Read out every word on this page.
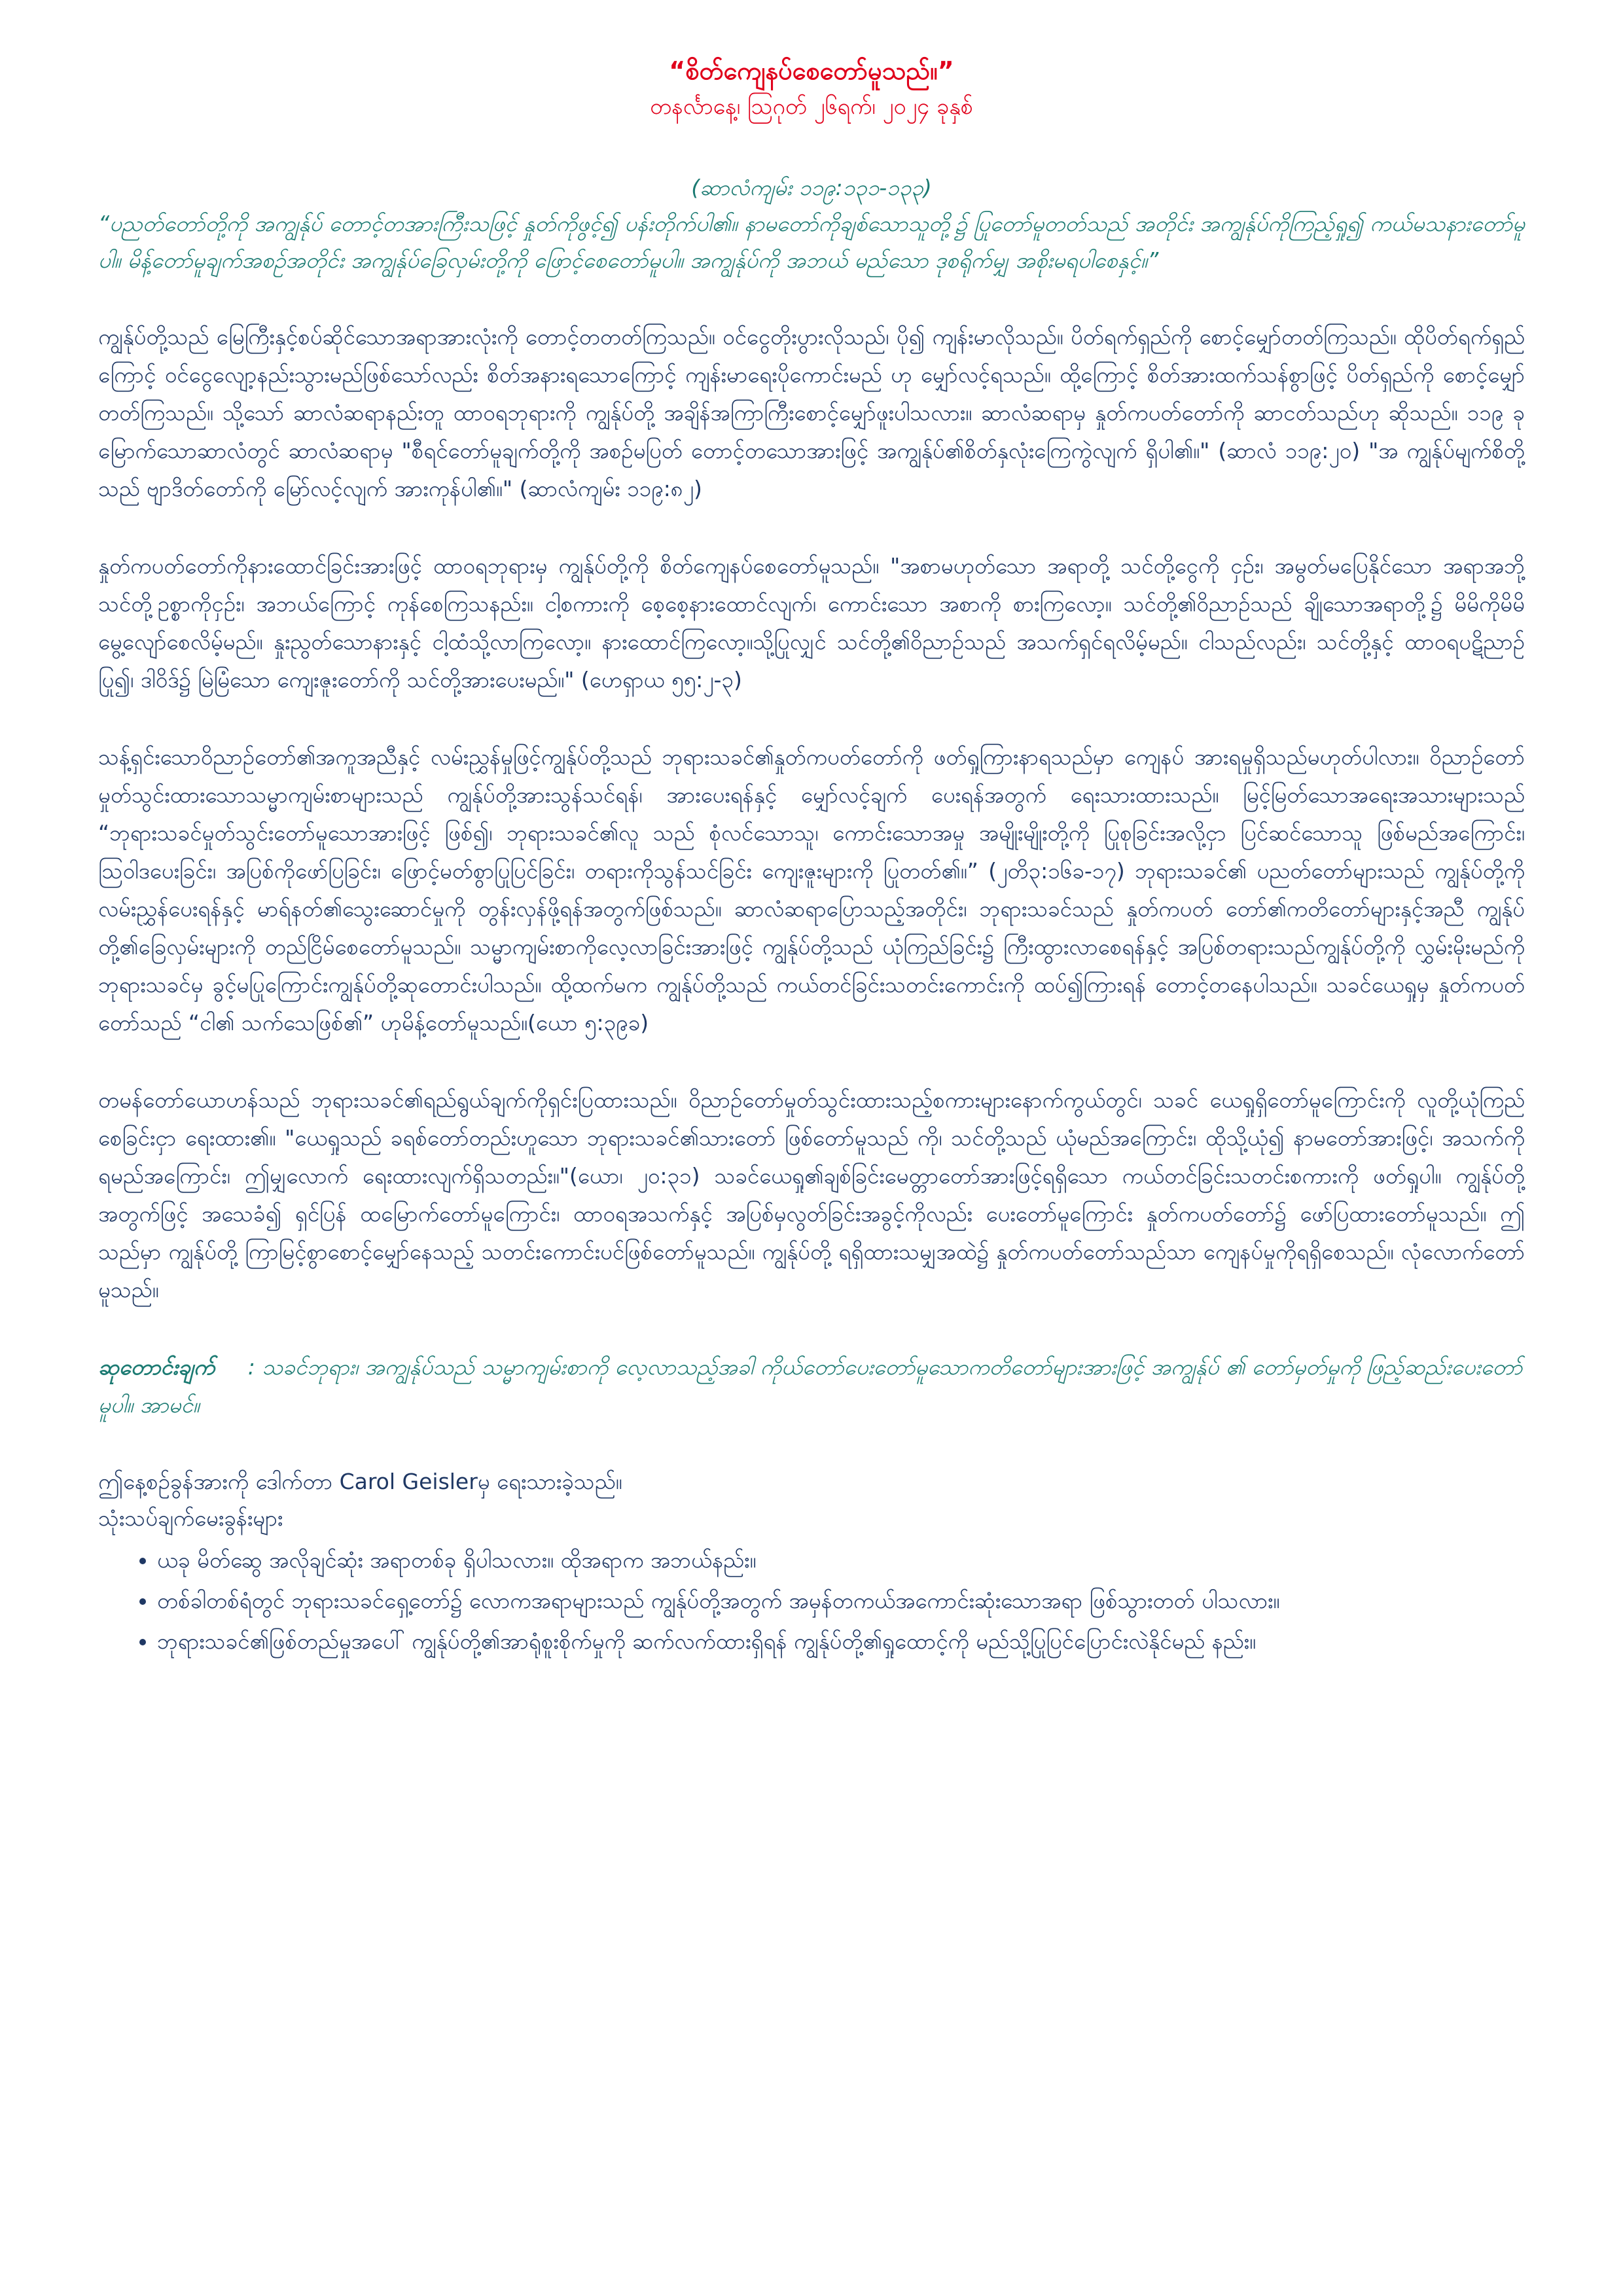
“စိတ်ကျေနပ်စေတော်မူသည်။”

တနင်္လာနေ့၊ ဩဂုတ် ၂၆ရက်၊ ၂၀၂၄ ခုနှစ်

(ဆာလံကျမ်း ၁၁၉:၁၃၁-၁၃၃)

“ပညတ်တော်တို့ကို အကျွန်ုပ် တောင့်တအားကြီးသဖြင့် နှုတ်ကိုဖွင့်၍ ပန်းတိုက်ပါ၏။ နာမတော်ကိုချစ်သောသူတို့၌ ပြုတော်မူတတ်သည် အတိုင်း အကျွန်ုပ်ကိုကြည့်ရှု၍ ကယ်မသနားတော်မူပါ။ မိန့်တော်မူချက်အစဉ်အတိုင်း အကျွန်ုပ်ခြေလှမ်းတို့ကို ဖြောင့်စေတော်မူပါ။ အကျွန်ုပ်ကို အဘယ် မည်သော ဒုစရိုက်မျှ အစိုးမရပါစေနှင့်။”

ကျွန်ုပ်တို့သည် မြေကြီးနှင့်စပ်ဆိုင်သောအရာအားလုံးကို တောင့်တတတ်ကြသည်။ ဝင်ငွေတိုးပွားလိုသည်၊ ပို၍ ကျန်းမာလိုသည်။ ပိတ်ရက်ရှည်ကို စောင့်မျှော်တတ်ကြသည်။ ထိုပိတ်ရက်ရှည်ကြောင့် ဝင်ငွေလျော့နည်းသွားမည်ဖြစ်သော်လည်း စိတ်အနားရသောကြောင့် ကျန်းမာရေးပိုကောင်းမည် ဟု မျှော်လင့်ရသည်။ ထို့ကြောင့် စိတ်အားထက်သန်စွာဖြင့် ပိတ်ရှည်ကို စောင့်မျှော်တတ်ကြသည်။ သို့သော် ဆာလံဆရာနည်းတူ ထာဝရဘုရားကို ကျွန်ုပ်တို့ အချိန်အကြာကြီးစောင့်မျှော်ဖူးပါသလား။ ဆာလံဆရာမှ နှုတ်ကပတ်တော်ကို ဆာငတ်သည်ဟု ဆိုသည်။ ၁၁၉ ခုမြောက်သောဆာလံတွင် ဆာလံဆရာမှ "စီရင်တော်မူချက်တို့ကို အစဉ်မပြတ် တောင့်တသောအားဖြင့် အကျွန်ုပ်၏စိတ်နှလုံးကြေကွဲလျက် ရှိပါ၏။" (ဆာလံ ၁၁၉:၂၀) "အ ကျွန်ုပ်မျက်စိတို့ သည် ဗျာဒိတ်တော်ကို မြော်လင့်လျက် အားကုန်ပါ၏။" (ဆာလံကျမ်း ၁၁၉:၈၂)

နှုတ်ကပတ်တော်ကိုနားထောင်ခြင်းအားဖြင့် ထာဝရဘုရားမှ ကျွန်ုပ်တို့ကို စိတ်ကျေနပ်စေတော်မူသည်။ "အစာမဟုတ်သော အရာတို့ သင်တို့ငွေကို ငှဉ်း၊ အမွတ်မပြေနိုင်သော အရာအဘို့ သင်တို့ဥစ္စာကိုငှဉ်း၊ အဘယ်ကြောင့် ကုန်စေကြသနည်း။ ငါ့စကားကို စေ့စေ့နားထောင်လျက်၊ ကောင်းသော အစာကို စားကြလော့။ သင်တို့၏ဝိညာဉ်သည် ချိုသောအရာတို့၌ မိမိကိုမိမိ မွေ့လျော်စေလိမ့်မည်။ နှုးညွတ်သောနားနှင့် ငါ့ထံသို့လာကြလော့။ နားထောင်ကြလော့။သို့ပြုလျှင် သင်တို့၏ဝိညာဉ်သည် အသက်ရှင်ရလိမ့်မည်။ ငါသည်လည်း၊ သင်တို့နှင့် ထာဝရပဋိညာဉ်ပြု၍၊ ဒါဝိဒ်၌ မြဲမြံသော ကျေးဇူးတော်ကို သင်တို့အားပေးမည်။" (ဟေရှာယ ၅၅:၂-၃)

သန့်ရှင်းသောဝိညာဉ်တော်၏အကူအညီနှင့် လမ်းညွှန်မှုဖြင့်ကျွန်ုပ်တို့သည် ဘုရားသခင်၏နှုတ်ကပတ်တော်ကို ဖတ်ရှုကြားနာရသည်မှာ ကျေနပ် အားရမှုရှိသည်မဟုတ်ပါလား။ ဝိညာဉ်တော်မှုတ်သွင်းထားသောသမ္မာကျမ်းစာများသည် ကျွန်ုပ်တို့အားသွန်သင်ရန်၊ အားပေးရန်နှင့် မျှော်လင့်ချက် ပေးရန်အတွက် ရေးသားထားသည်။ မြင့်မြတ်သောအရေးအသားများသည် “ဘုရားသခင်မှုတ်သွင်းတော်မူသောအားဖြင့် ဖြစ်၍၊ ဘုရားသခင်၏လူ သည် စုံလင်သောသူ၊ ကောင်းသောအမှု အမျိုးမျိုးတို့ကို ပြုစုခြင်းအလို့ငှာ ပြင်ဆင်သောသူ ဖြစ်မည်အကြောင်း၊ ဩဝါဒပေးခြင်း၊ အပြစ်ကိုဖော်ပြခြင်း၊ ဖြောင့်မတ်စွာပြုပြင်ခြင်း၊ တရားကိုသွန်သင်ခြင်း ကျေးဇူးများကို ပြုတတ်၏။” (၂တိ၃:၁၆ခ-၁၇) ဘုရားသခင်၏ ပညတ်တော်များသည် ကျွန်ုပ်တို့ကို လမ်းညွှန်ပေးရန်နှင့် မာရ်နတ်၏သွေးဆောင်မှုကို တွန်းလှန်ဖို့ရန်အတွက်ဖြစ်သည်။ ဆာလံဆရာပြောသည့်အတိုင်း၊ ဘုရားသခင်သည် နှုတ်ကပတ် တော်၏ကတိတော်များနှင့်အညီ ကျွန်ုပ်တို့၏ခြေလှမ်းများကို တည်ငြိမ်စေတော်မူသည်။ သမ္မာကျမ်းစာကိုလေ့လာခြင်းအားဖြင့် ကျွန်ုပ်တို့သည် ယုံကြည်ခြင်း၌ ကြီးထွားလာစေရန်နှင့် အပြစ်တရားသည်ကျွန်ုပ်တို့ကို လွှမ်းမိုးမည်ကို ဘုရားသခင်မှ ခွင့်မပြုကြောင်းကျွန်ုပ်တို့ဆုတောင်းပါသည်။ ထို့ထက်မက ကျွန်ုပ်တို့သည် ကယ်တင်ခြင်းသတင်းကောင်းကို ထပ်၍ကြားရန် တောင့်တနေပါသည်။ သခင်ယေရှုမှ နှုတ်ကပတ်တော်သည် “ငါ၏ သက်သေဖြစ်၏” ဟုမိန့်တော်မူသည်။(ယော ၅:၃၉ခ)

တမန်တော်ယောဟန်သည် ဘုရားသခင်၏ရည်ရွယ်ချက်ကိုရှင်းပြထားသည်။ ဝိညာဉ်တော်မှုတ်သွင်းထားသည့်စကားများနောက်ကွယ်တွင်၊ သခင် ယေရှုရှိတော်မူကြောင်းကို လူတို့ယုံကြည်စေခြင်းငှာ ရေးထား၏။ "ယေရှုသည် ခရစ်တော်တည်းဟူသော ဘုရားသခင်၏သားတော် ဖြစ်တော်မူသည် ကို၊ သင်တို့သည် ယုံမည်အကြောင်း၊ ထိုသို့ယုံ၍ နာမတော်အားဖြင့်၊ အသက်ကိုရမည်အကြောင်း၊ ဤမျှလောက် ရေးထားလျက်ရှိသတည်း။"(ယော၊ ၂၀:၃၁) သခင်ယေရှု၏ချစ်ခြင်းမေတ္တာတော်အားဖြင့်ရရှိသော ကယ်တင်ခြင်းသတင်းစကားကို ဖတ်ရှုပါ။ ကျွန်ုပ်တို့အတွက်ဖြင့် အသေခံ၍ ရှင်ပြန် ထမြောက်တော်မူကြောင်း၊ ထာဝရအသက်နှင့် အပြစ်မှလွတ်ခြင်းအခွင့်ကိုလည်း ပေးတော်မူကြောင်း နှုတ်ကပတ်တော်၌ ဖော်ပြထားတော်မူသည်။ ဤသည်မှာ ကျွန်ုပ်တို့ ကြာမြင့်စွာစောင့်မျှော်နေသည့် သတင်းကောင်းပင်ဖြစ်တော်မူသည်။ ကျွန်ုပ်တို့ ရရှိထားသမျှအထဲ၌ နှုတ်ကပတ်တော်သည်သာ ကျေနပ်မှုကိုရရှိစေသည်။ လုံလောက်တော်မူသည်။

ဆုတောင်းချက် : သခင်ဘုရား၊ အကျွန်ုပ်သည် သမ္မာကျမ်းစာကို လေ့လာသည့်အခါ ကိုယ်တော်ပေးတော်မူသောကတိတော်များအားဖြင့် အကျွန်ုပ် ၏ တော်မှတ်မှုကို ဖြည့်ဆည်းပေးတော်မူပါ။ အာမင်။

ဤနေ့စဉ်ခွန်အားကို ဒေါက်တာ Carol Geislerမှ ရေးသားခဲ့သည်။

သုံးသပ်ချက်မေးခွန်းများ

• ယခု မိတ်ဆွေ အလိုချင်ဆုံး အရာတစ်ခု ရှိပါသလား။ ထိုအရာက အဘယ်နည်း။
• တစ်ခါတစ်ရံတွင် ဘုရားသခင်ရှေ့တော်၌ လောကအရာများသည် ကျွန်ုပ်တို့အတွက် အမှန်တကယ်အကောင်းဆုံးသောအရာ ဖြစ်သွားတတ် ပါသလား။
• ဘုရားသခင်၏ဖြစ်တည်မှုအပေါ် ကျွန်ုပ်တို့၏အာရုံစူးစိုက်မှုကို ဆက်လက်ထားရှိရန် ကျွန်ုပ်တို့၏ရှုထောင့်ကို မည်သို့ပြုပြင်ပြောင်းလဲနိုင်မည် နည်း။
